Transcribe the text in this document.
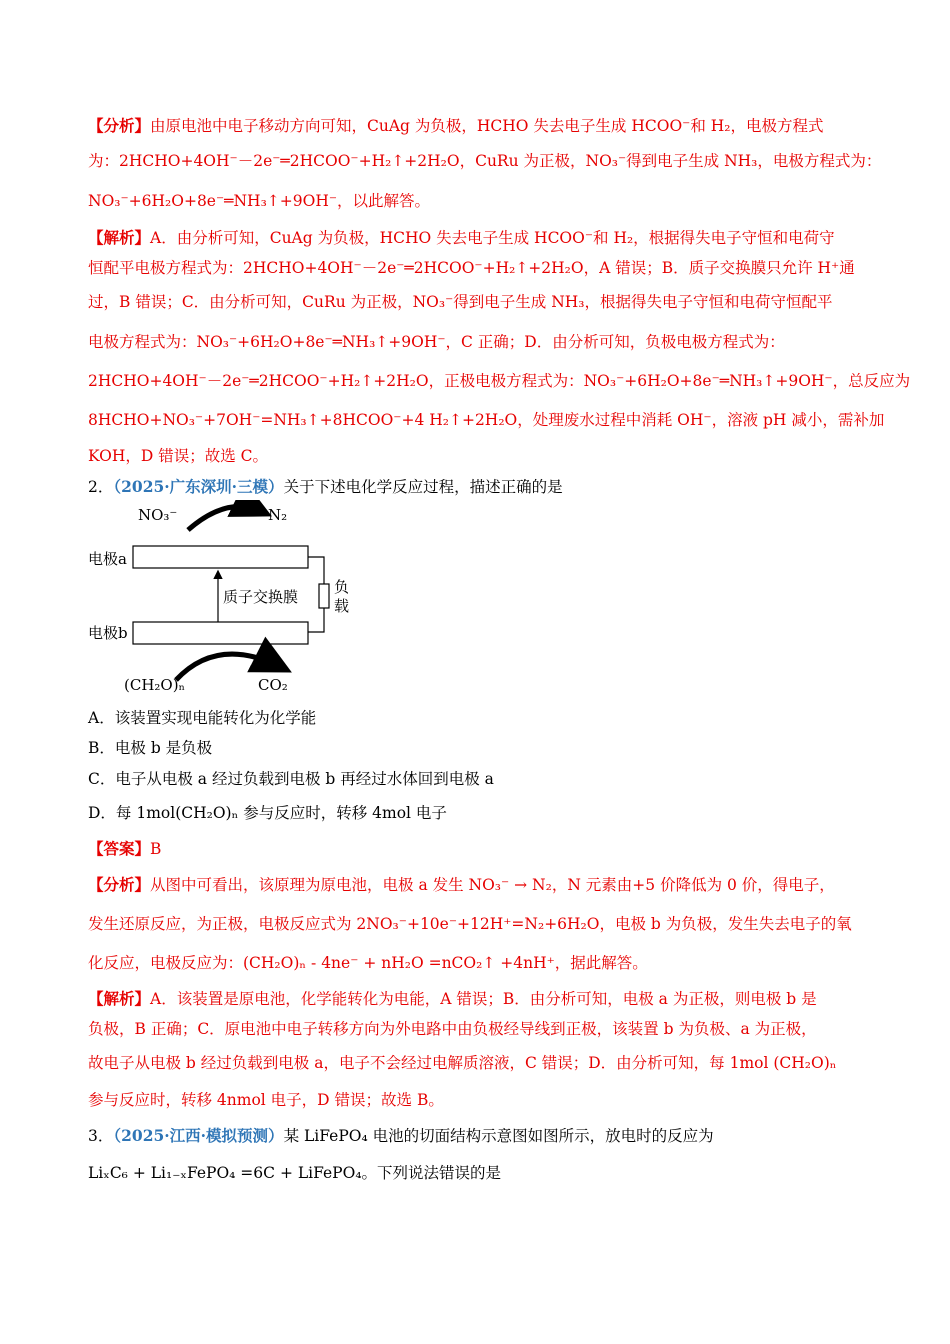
【分析】由原电池中电子移动方向可知，CuAg 为负极，HCHO 失去电子生成 HCOO⁻和 H₂，电极方程式
为：2HCHO+4OH⁻－2e⁻═2HCOO⁻+H₂↑+2H₂O，CuRu 为正极，NO₃⁻得到电子生成 NH₃，电极方程式为：
NO₃⁻+6H₂O+8e⁻═NH₃↑+9OH⁻，以此解答。
【解析】A．由分析可知，CuAg 为负极，HCHO 失去电子生成 HCOO⁻和 H₂，根据得失电子守恒和电荷守
恒配平电极方程式为：2HCHO+4OH⁻－2e⁻═2HCOO⁻+H₂↑+2H₂O，A 错误；B．质子交换膜只允许 H⁺通
过，B 错误；C．由分析可知，CuRu 为正极，NO₃⁻得到电子生成 NH₃，根据得失电子守恒和电荷守恒配平
电极方程式为：NO₃⁻+6H₂O+8e⁻═NH₃↑+9OH⁻，C 正确；D．由分析可知，负极电极方程式为：
2HCHO+4OH⁻－2e⁻═2HCOO⁻+H₂↑+2H₂O，正极电极方程式为：NO₃⁻+6H₂O+8e⁻═NH₃↑+9OH⁻，总反应为
8HCHO+NO₃⁻+7OH⁻=NH₃↑+8HCOO⁻+4 H₂↑+2H₂O，处理废水过程中消耗 OH⁻，溶液 pH 减小，需补加
KOH，D 错误；故选 C。
2．（2025·广东深圳·三模）关于下述电化学反应过程，描述正确的是
NO₃⁻	N₂
电极a
质子交换膜
负
载
电极b
(CH₂O)ₙ	CO₂
A．该装置实现电能转化为化学能
B．电极 b 是负极
C．电子从电极 a 经过负载到电极 b 再经过水体回到电极 a
D．每 1mol(CH₂O)ₙ 参与反应时，转移 4mol 电子
【答案】B
【分析】从图中可看出，该原理为原电池，电极 a 发生 NO₃⁻ → N₂，N 元素由+5 价降低为 0 价，得电子，
发生还原反应，为正极，电极反应式为 2NO₃⁻+10e⁻+12H⁺=N₂+6H₂O，电极 b 为负极，发生失去电子的氧
化反应，电极反应为：(CH₂O)ₙ - 4ne⁻ + nH₂O =nCO₂↑ +4nH⁺，据此解答。
【解析】A．该装置是原电池，化学能转化为电能，A 错误；B．由分析可知，电极 a 为正极，则电极 b 是
负极，B 正确；C．原电池中电子转移方向为外电路中由负极经导线到正极，该装置 b 为负极、a 为正极，
故电子从电极 b 经过负载到电极 a，电子不会经过电解质溶液，C 错误；D．由分析可知，每 1mol (CH₂O)ₙ
参与反应时，转移 4nmol 电子，D 错误；故选 B。
3．（2025·江西·模拟预测）某 LiFePO₄ 电池的切面结构示意图如图所示，放电时的反应为
LiₓC₆ + Li₁₋ₓFePO₄ =6C + LiFePO₄。下列说法错误的是
